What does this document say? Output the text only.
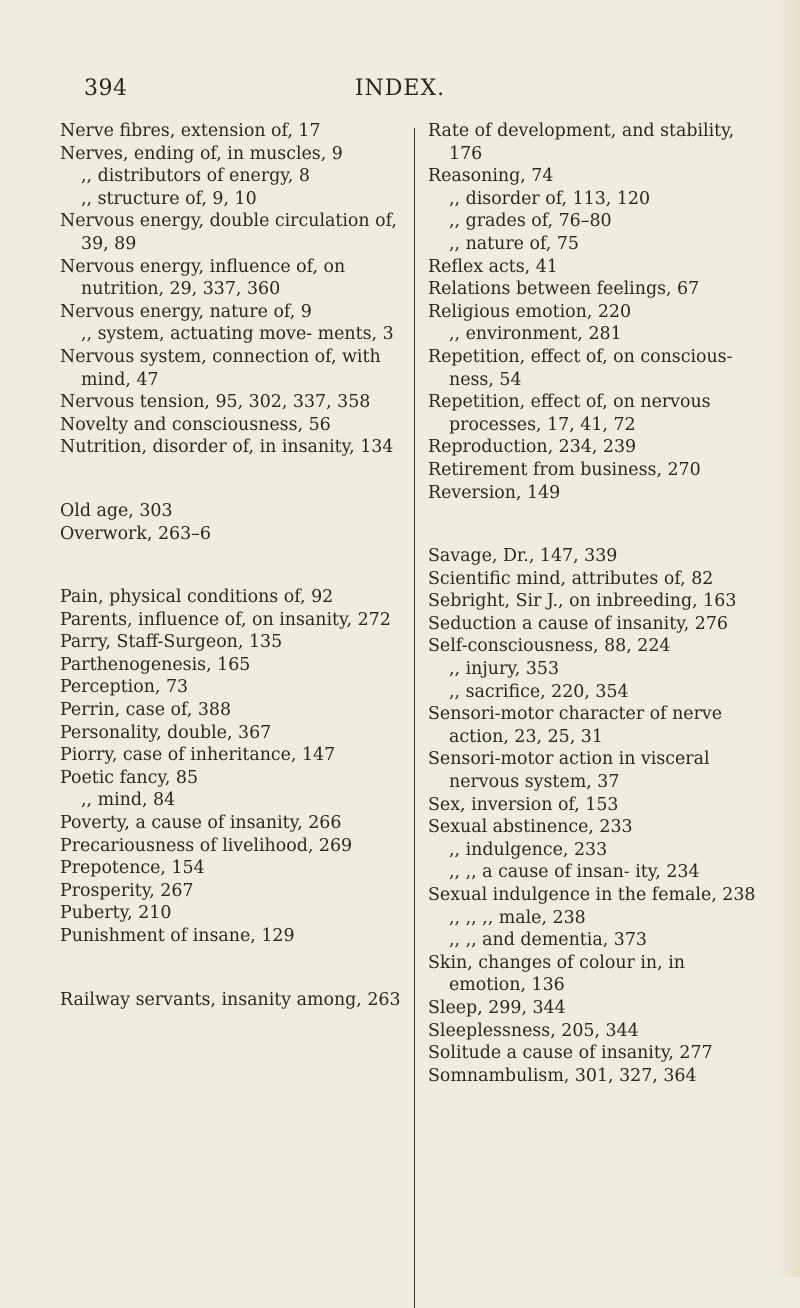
394	INDEX.
Nerve fibres, extension of, 17
Nerves, ending of, in muscles, 9
,, distributors of energy, 8
,, structure of, 9, 10
Nervous energy, double circulation of, 39, 89
Nervous energy, influence of, on nutrition, 29, 337, 360
Nervous energy, nature of, 9
,, system, actuating move- ments, 3
Nervous system, connection of, with mind, 47
Nervous tension, 95, 302, 337, 358
Novelty and consciousness, 56
Nutrition, disorder of, in insanity, 134
Old age, 303
Overwork, 263–6
Pain, physical conditions of, 92
Parents, influence of, on insanity, 272
Parry, Staff-Surgeon, 135
Parthenogenesis, 165
Perception, 73
Perrin, case of, 388
Personality, double, 367
Piorry, case of inheritance, 147
Poetic fancy, 85
,, mind, 84
Poverty, a cause of insanity, 266
Precariousness of livelihood, 269
Prepotence, 154
Prosperity, 267
Puberty, 210
Punishment of insane, 129
Railway servants, insanity among, 263
Rate of development, and stability, 176
Reasoning, 74
,, disorder of, 113, 120
,, grades of, 76–80
,, nature of, 75
Reflex acts, 41
Relations between feelings, 67
Religious emotion, 220
,, environment, 281
Repetition, effect of, on conscious- ness, 54
Repetition, effect of, on nervous processes, 17, 41, 72
Reproduction, 234, 239
Retirement from business, 270
Reversion, 149
Savage, Dr., 147, 339
Scientific mind, attributes of, 82
Sebright, Sir J., on inbreeding, 163
Seduction a cause of insanity, 276
Self-consciousness, 88, 224
,, injury, 353
,, sacrifice, 220, 354
Sensori-motor character of nerve action, 23, 25, 31
Sensori-motor action in visceral nervous system, 37
Sex, inversion of, 153
Sexual abstinence, 233
,, indulgence, 233
,, ,, a cause of insan- ity, 234
Sexual indulgence in the female, 238
,, ,, ,, male, 238
,, ,, and dementia, 373
Skin, changes of colour in, in emotion, 136
Sleep, 299, 344
Sleeplessness, 205, 344
Solitude a cause of insanity, 277
Somnambulism, 301, 327, 364
